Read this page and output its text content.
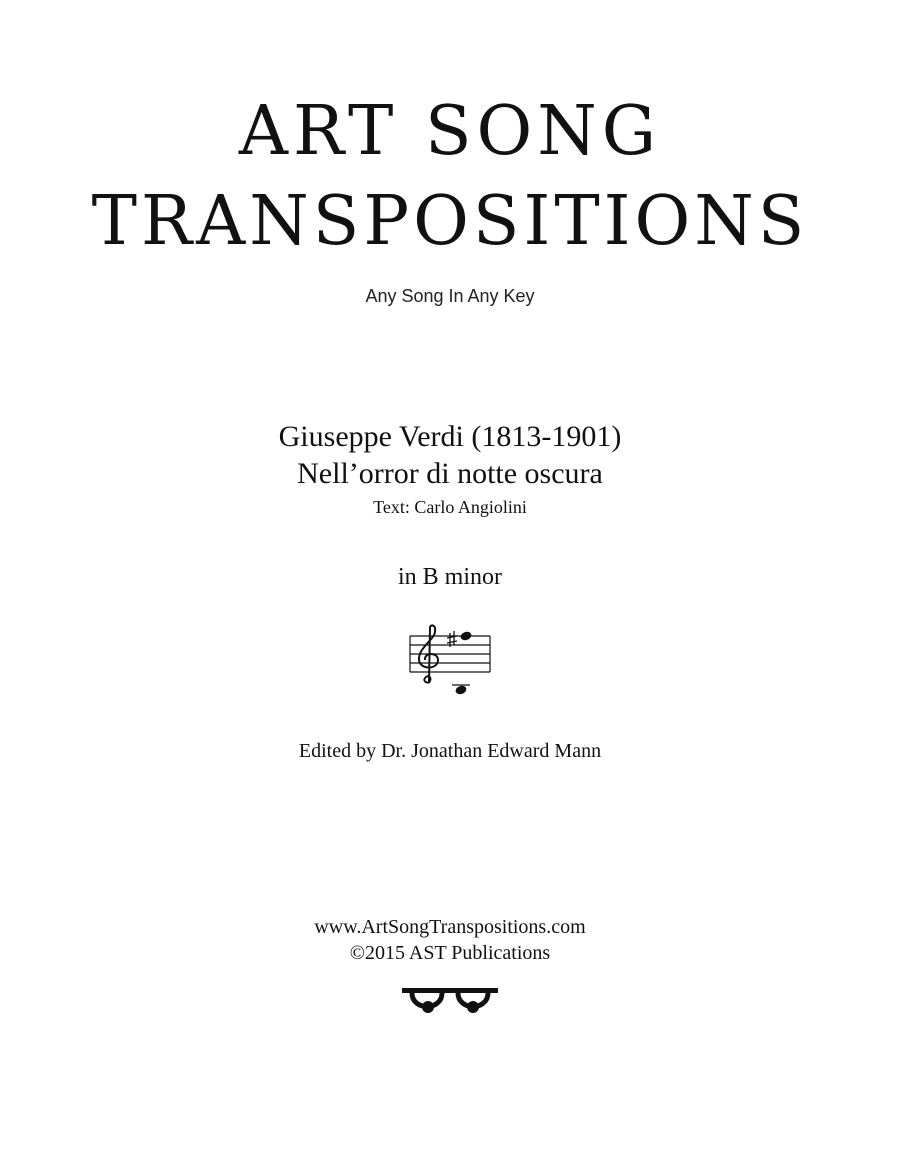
ART SONG
TRANSPOSITIONS
Any Song In Any Key
Giuseppe Verdi (1813-1901)
Nell’orror di notte oscura
Text: Carlo Angiolini
in B minor
Edited by Dr. Jonathan Edward Mann
www.ArtSongTranspositions.com
©2015 AST Publications
